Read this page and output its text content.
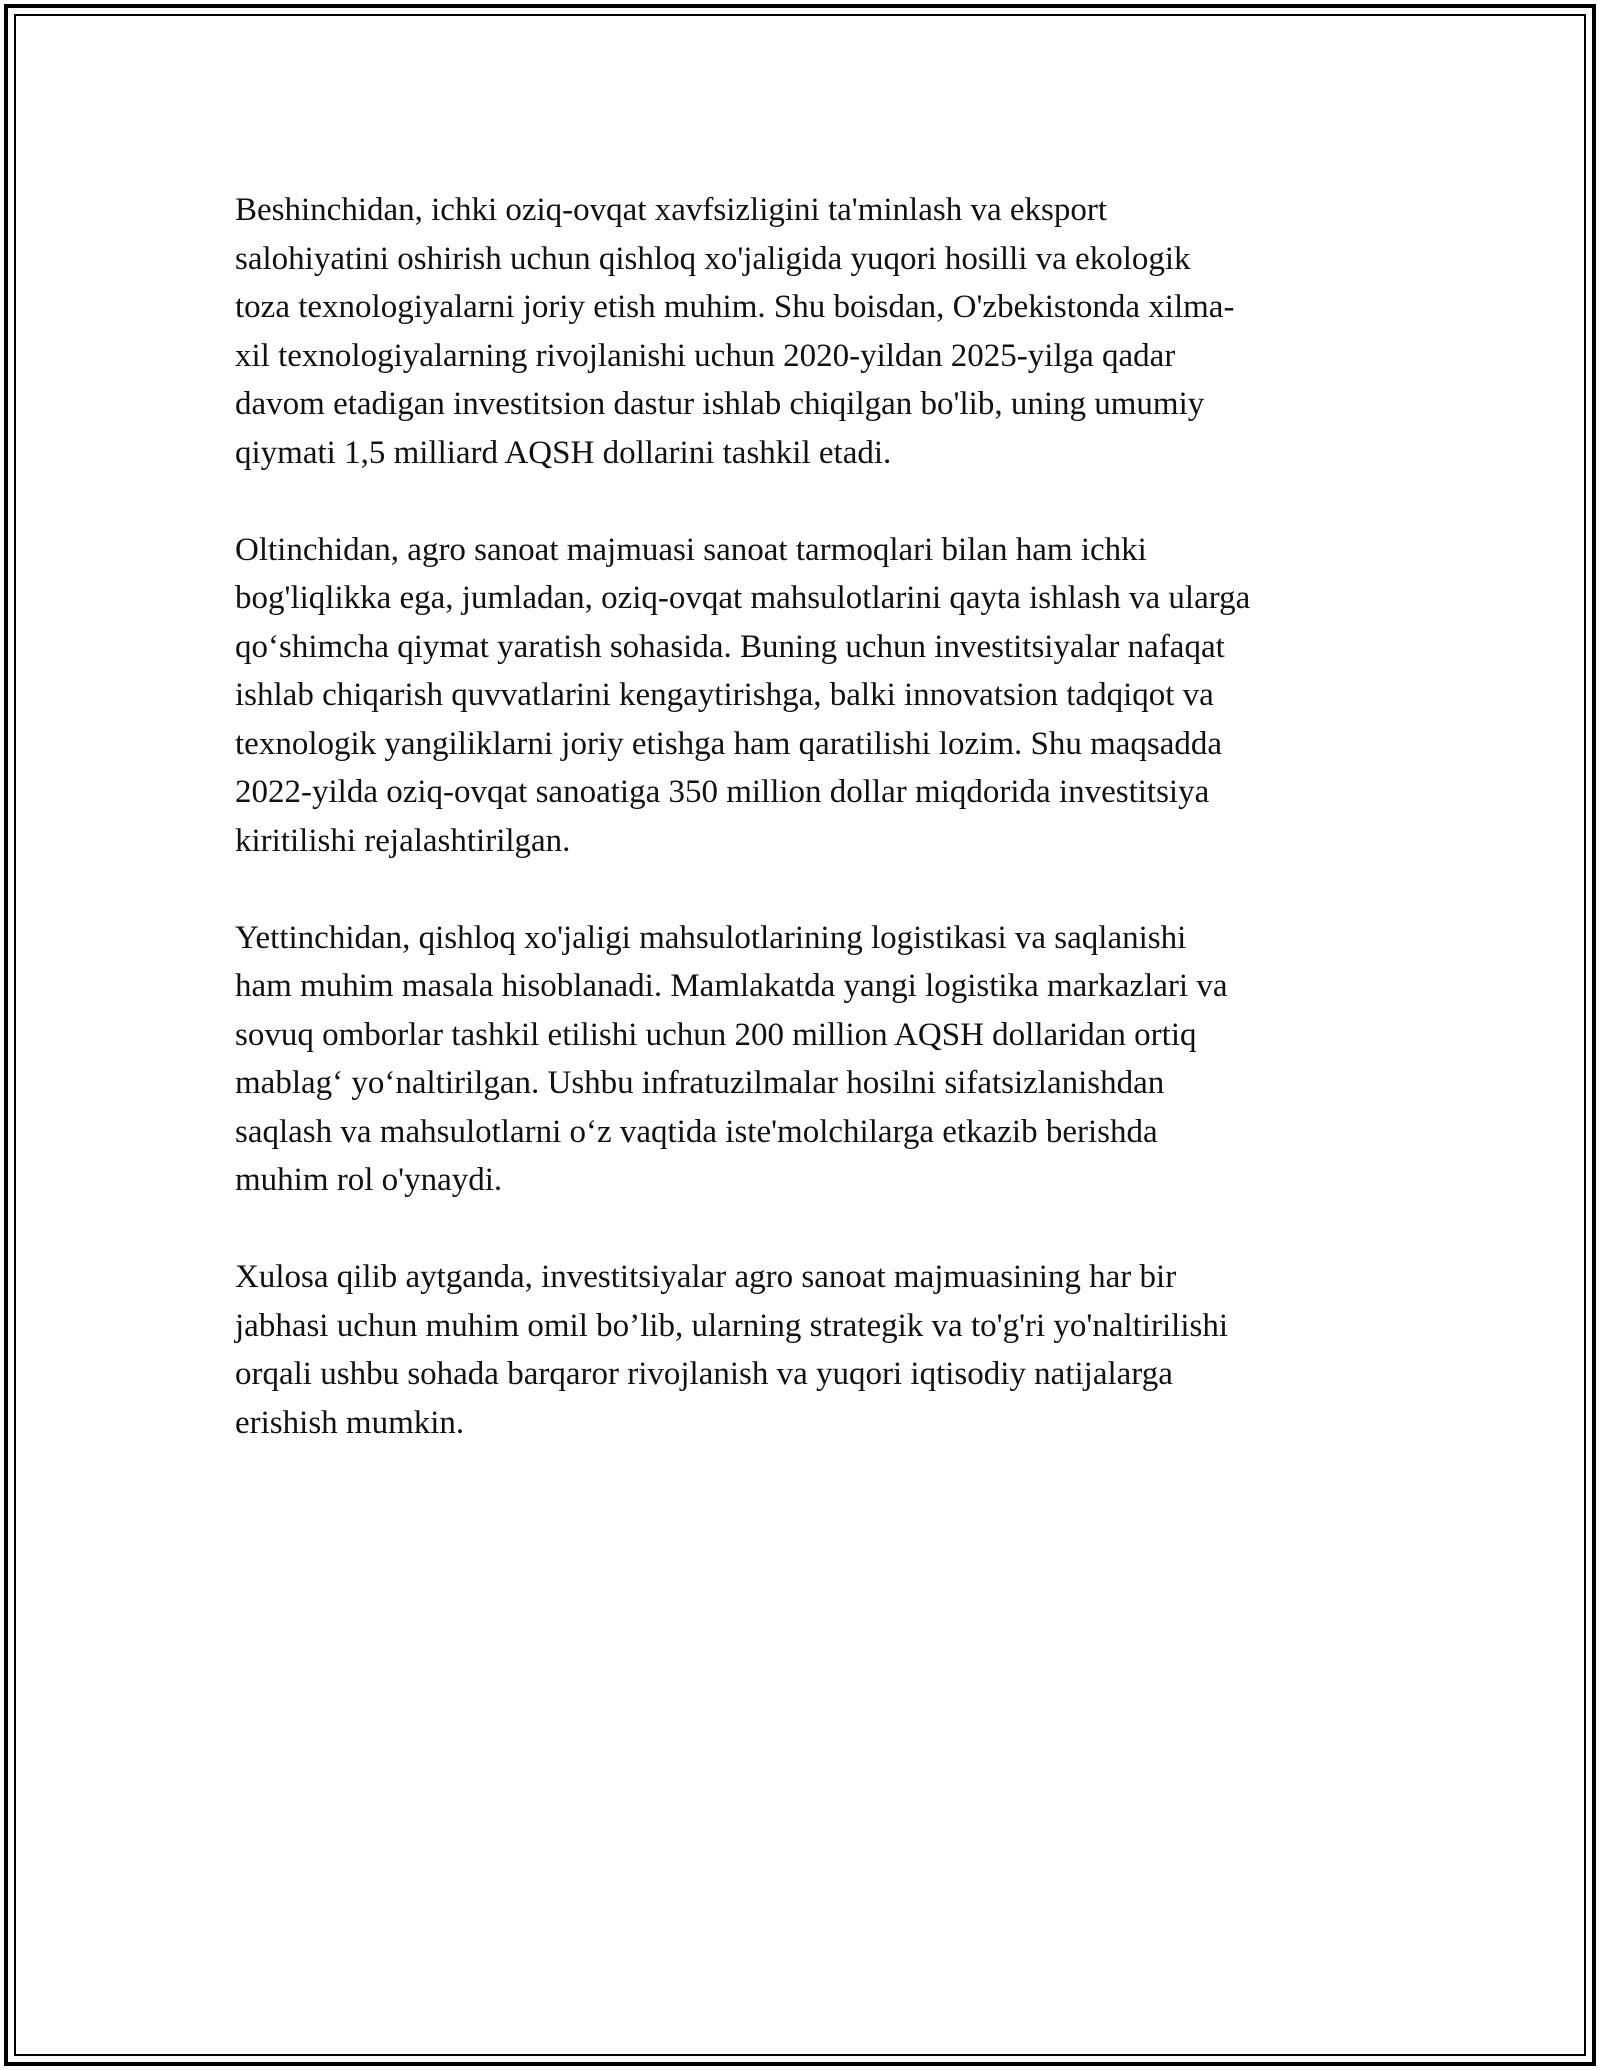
Beshinchidan, ichki oziq-ovqat xavfsizligini ta'minlash va eksport
salohiyatini oshirish uchun qishloq xo'jaligida yuqori hosilli va ekologik
toza texnologiyalarni joriy etish muhim. Shu boisdan, O'zbekistonda xilma-
xil texnologiyalarning rivojlanishi uchun 2020-yildan 2025-yilga qadar
davom etadigan investitsion dastur ishlab chiqilgan bo'lib, uning umumiy
qiymati 1,5 milliard AQSH dollarini tashkil etadi.

Oltinchidan, agro sanoat majmuasi sanoat tarmoqlari bilan ham ichki
bog'liqlikka ega, jumladan, oziq-ovqat mahsulotlarini qayta ishlash va ularga
qo‘shimcha qiymat yaratish sohasida. Buning uchun investitsiyalar nafaqat
ishlab chiqarish quvvatlarini kengaytirishga, balki innovatsion tadqiqot va
texnologik yangiliklarni joriy etishga ham qaratilishi lozim. Shu maqsadda
2022-yilda oziq-ovqat sanoatiga 350 million dollar miqdorida investitsiya
kiritilishi rejalashtirilgan.

Yettinchidan, qishloq xo'jaligi mahsulotlarining logistikasi va saqlanishi
ham muhim masala hisoblanadi. Mamlakatda yangi logistika markazlari va
sovuq omborlar tashkil etilishi uchun 200 million AQSH dollaridan ortiq
mablag‘ yo‘naltirilgan. Ushbu infratuzilmalar hosilni sifatsizlanishdan
saqlash va mahsulotlarni o‘z vaqtida iste'molchilarga etkazib berishda
muhim rol o'ynaydi.

Xulosa qilib aytganda, investitsiyalar agro sanoat majmuasining har bir
jabhasi uchun muhim omil bo’lib, ularning strategik va to'g'ri yo'naltirilishi
orqali ushbu sohada barqaror rivojlanish va yuqori iqtisodiy natijalarga
erishish mumkin.
